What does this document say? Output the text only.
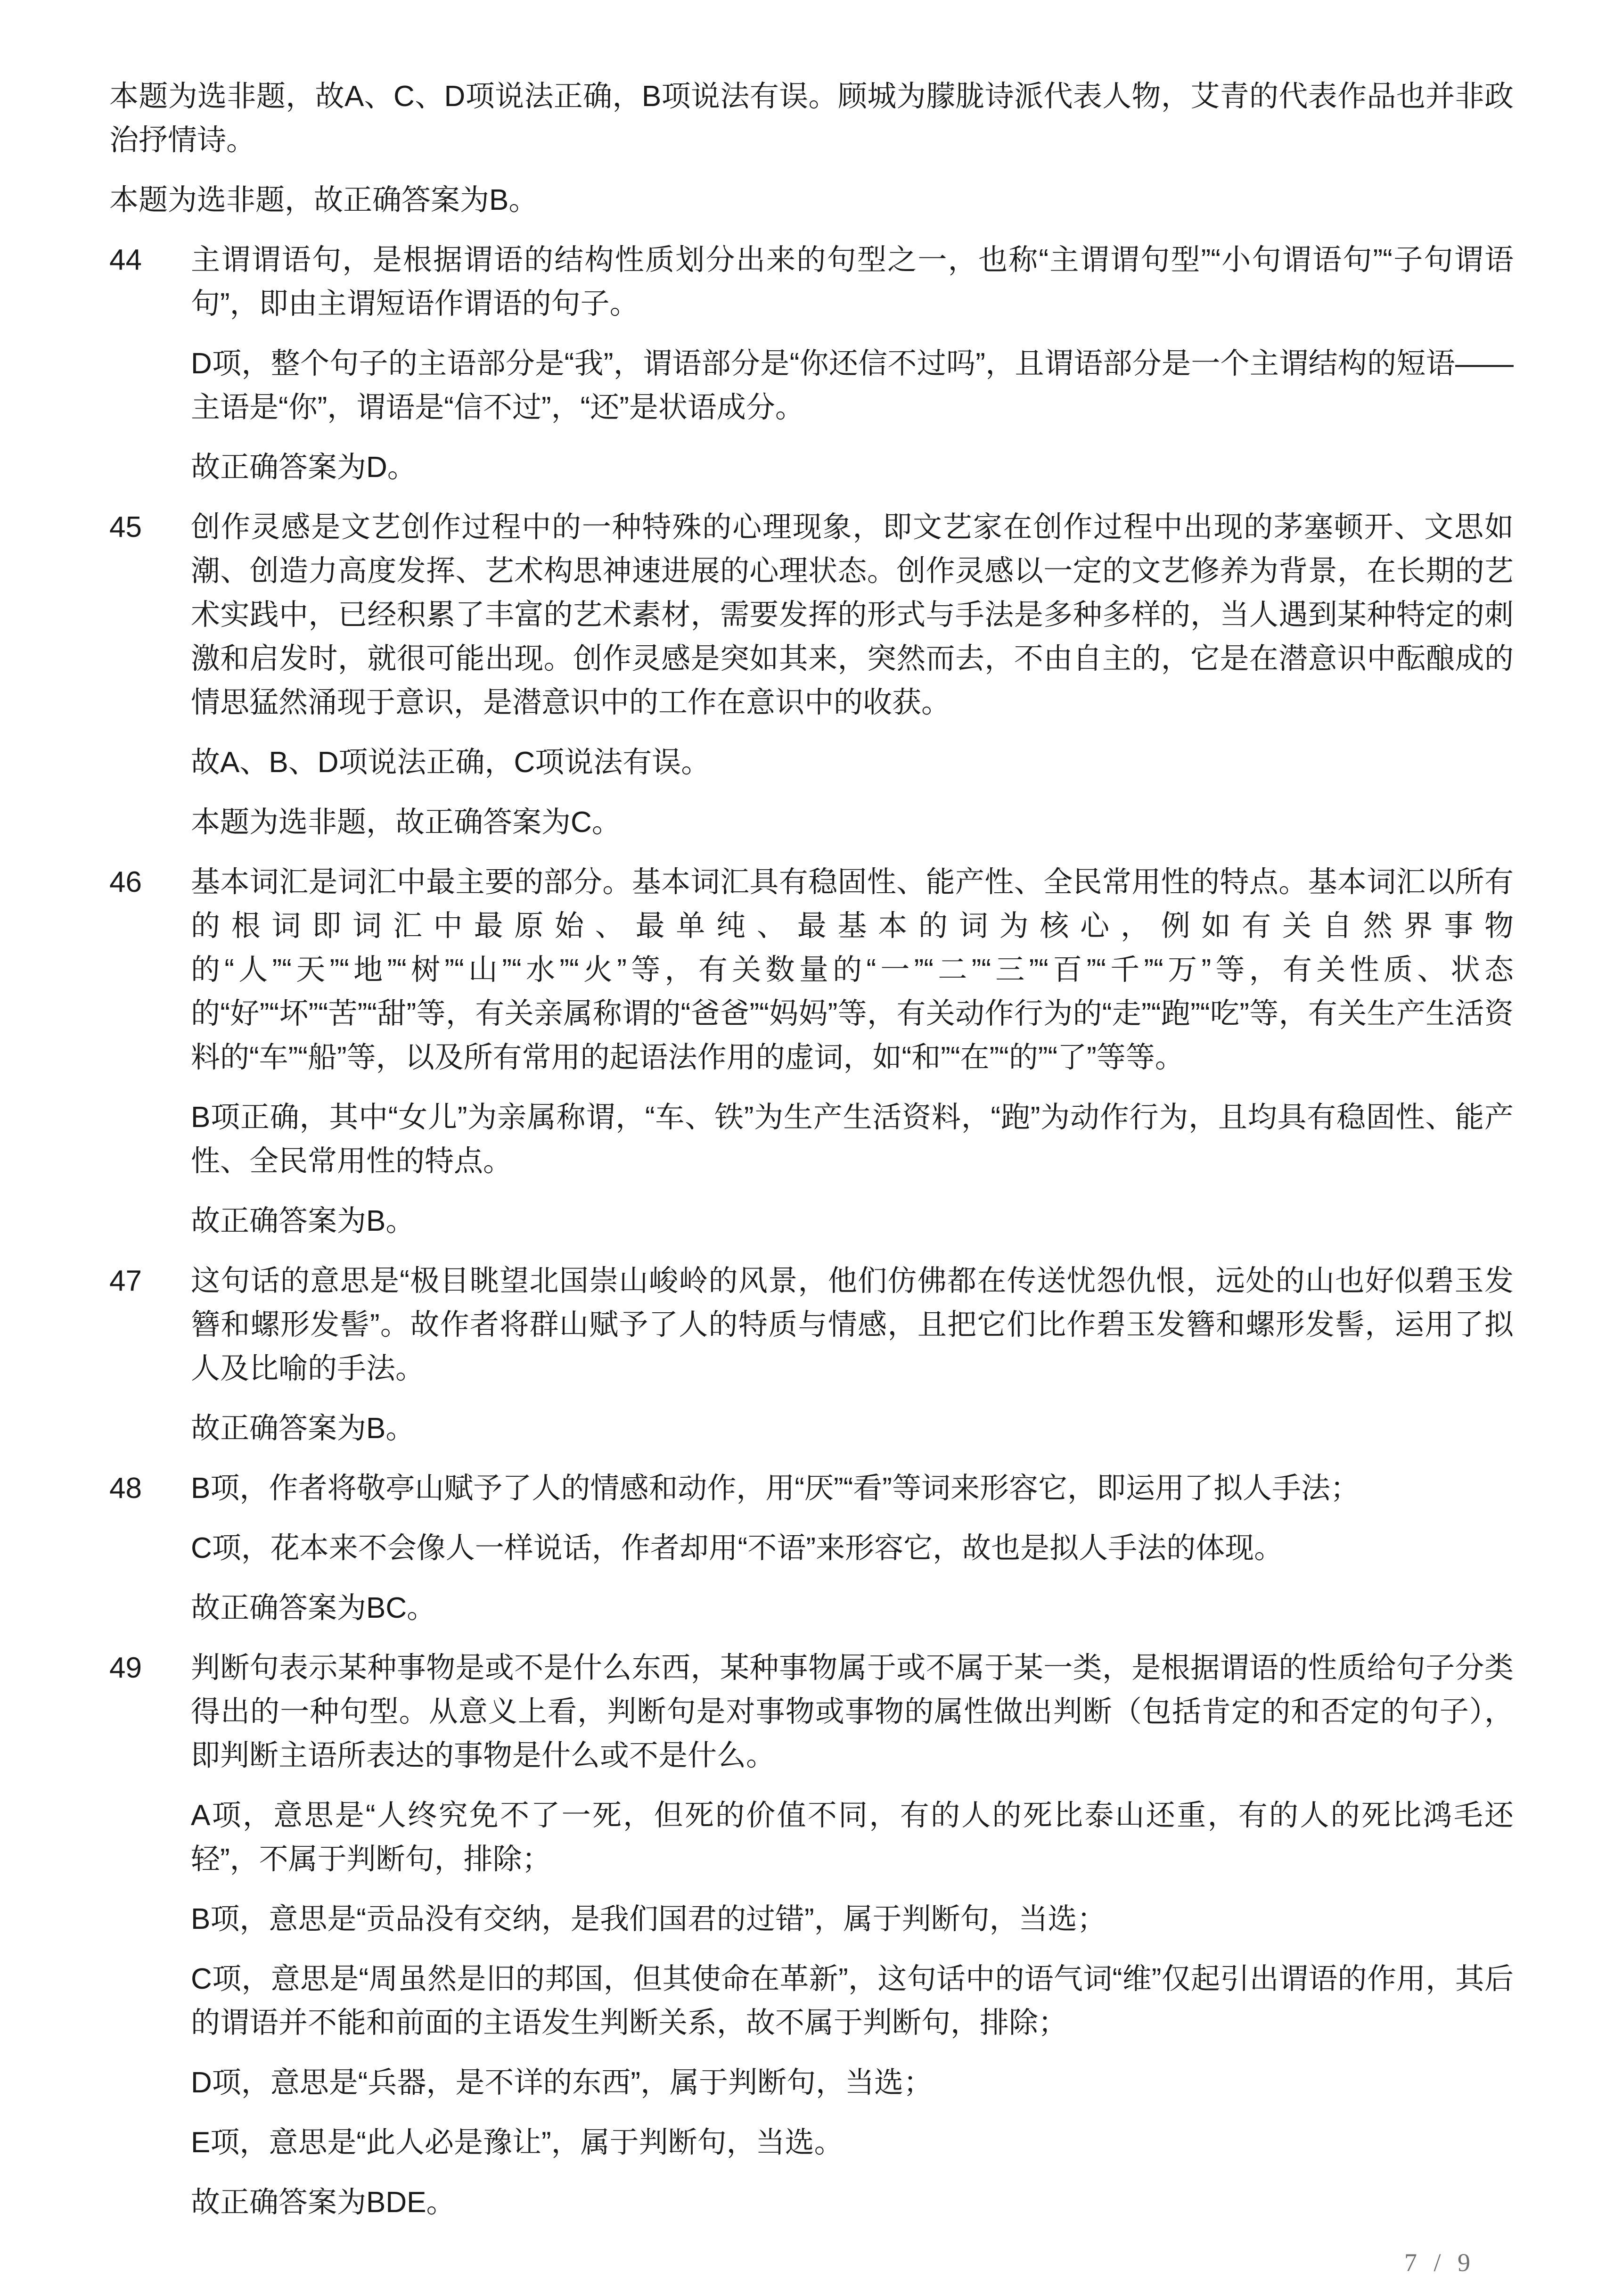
本题为选非题，故A、C、D项说法正确，B项说法有误。顾城为朦胧诗派代表人物，艾青的代表作品也并非政治抒情诗。

本题为选非题，故正确答案为B。

44 主谓谓语句，是根据谓语的结构性质划分出来的句型之一，也称“主谓谓句型”“小句谓语句”“子句谓语句”，即由主谓短语作谓语的句子。

D项，整个句子的主语部分是“我”，谓语部分是“你还信不过吗”，且谓语部分是一个主谓结构的短语——主语是“你”，谓语是“信不过”，“还”是状语成分。

故正确答案为D。

45 创作灵感是文艺创作过程中的一种特殊的心理现象，即文艺家在创作过程中出现的茅塞顿开、文思如潮、创造力高度发挥、艺术构思神速进展的心理状态。创作灵感以一定的文艺修养为背景，在长期的艺术实践中，已经积累了丰富的艺术素材，需要发挥的形式与手法是多种多样的，当人遇到某种特定的刺激和启发时，就很可能出现。创作灵感是突如其来，突然而去，不由自主的，它是在潜意识中酝酿成的情思猛然涌现于意识，是潜意识中的工作在意识中的收获。

故A、B、D项说法正确，C项说法有误。

本题为选非题，故正确答案为C。

46 基本词汇是词汇中最主要的部分。基本词汇具有稳固性、能产性、全民常用性的特点。基本词汇以所有的根词即词汇中最原始、最单纯、最基本的词为核心，例如有关自然界事物的“人”“天”“地”“树”“山”“水”“火”等，有关数量的“一”“二”“三”“百”“千”“万”等，有关性质、状态的“好”“坏”“苦”“甜”等，有关亲属称谓的“爸爸”“妈妈”等，有关动作行为的“走”“跑”“吃”等，有关生产生活资料的“车”“船”等，以及所有常用的起语法作用的虚词，如“和”“在”“的”“了”等等。

B项正确，其中“女儿”为亲属称谓，“车、铁”为生产生活资料，“跑”为动作行为，且均具有稳固性、能产性、全民常用性的特点。

故正确答案为B。

47 这句话的意思是“极目眺望北国崇山峻岭的风景，他们仿佛都在传送忧怨仇恨，远处的山也好似碧玉发簪和螺形发髻”。故作者将群山赋予了人的特质与情感，且把它们比作碧玉发簪和螺形发髻，运用了拟人及比喻的手法。

故正确答案为B。

48 B项，作者将敬亭山赋予了人的情感和动作，用“厌”“看”等词来形容它，即运用了拟人手法；

C项，花本来不会像人一样说话，作者却用“不语”来形容它，故也是拟人手法的体现。

故正确答案为BC。

49 判断句表示某种事物是或不是什么东西，某种事物属于或不属于某一类，是根据谓语的性质给句子分类得出的一种句型。从意义上看，判断句是对事物或事物的属性做出判断（包括肯定的和否定的句子），即判断主语所表达的事物是什么或不是什么。

A项，意思是“人终究免不了一死，但死的价值不同，有的人的死比泰山还重，有的人的死比鸿毛还轻”，不属于判断句，排除；

B项，意思是“贡品没有交纳，是我们国君的过错”，属于判断句，当选；

C项，意思是“周虽然是旧的邦国，但其使命在革新”，这句话中的语气词“维”仅起引出谓语的作用，其后的谓语并不能和前面的主语发生判断关系，故不属于判断句，排除；

D项，意思是“兵器，是不详的东西”，属于判断句，当选；

E项，意思是“此人必是豫让”，属于判断句，当选。

故正确答案为BDE。

7 / 9
